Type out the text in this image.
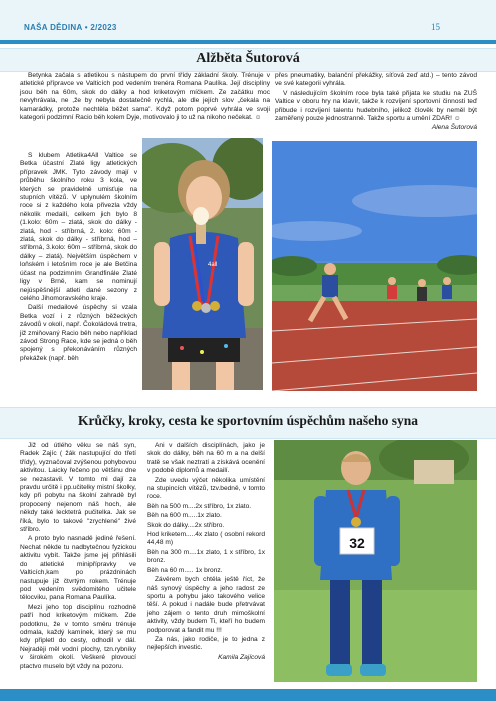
NAŠA DĚDINA • 2/2023	15
Alžběta Šutorová

Betynka začala s atletikou s nástupem do první třídy základní školy. Trénuje v atletické přípravce ve Valticích pod vedením trenéra Romana Paulíka. Její disciplíny jsou běh na 60m, skok do dálky a hod kriketovým míčkem. Ze začátku moc nevyhrávala, ne ,že by nebyla dostatečně rychlá, ale dle jejích slov „čekala na kamarádky, protože nechtěla běžet sama". Když potom poprvé vyhrála ve svoji kategorii podzimní Racio běh kolem Dyje, motivovalo ji to už na nikoho nečekat. ☺

S klubem Atletika4All Valtice se Betka účastní Zlaté ligy atletických přípravek JMK. Tyto závody mají v průběhu školního roku 3 kola, ve kterých se pravidelně umisťuje na stupních vítězů. V uplynulém školním roce si z každého kola přivezla vždy několik medailí, celkem jich bylo 8 (1.kolo: 60m – zlatá, skok do dálky - zlatá, hod - stříbrná, 2. kolo: 60m - zlatá, skok do dálky - stříbrná, hod – stříbrná, 3.kolo: 60m – stříbrná, skok do dálky – zlatá). Největším úspěchem v loňském i letošním roce je ale Betčina účast na podzimním Grandfinále Zlaté ligy v Brně, kam se nominují nejúspěšnější atleti dané sezony z celého Jihomoravského kraje.

Další medailové úspěchy si vzala Betka vozí i z různých běžeckých závodů v okolí, např. Čokoládová tretra, již zmiňovaný Racio běh nebo například závod Strong Race, kde se jedná o běh spojený s překonáváním různých překážek (např. běh

4all

přes pneumatiky, balanční překážky, síťová zeď atd.) – tento závod ve své kategorii vyhrála.

V následujícím školním roce byla také přijata ke studiu na ZUŠ Valtice v oboru hry na klavír, takže k rozvíjení sportovní činnosti teď přibude i rozvíjení talentu hudebního, jelikož člověk by neměl být zaměřený pouze jednostranně. Takže sportu a umění ZDAR! ☺

Alena Šutorová

Krůčky, kroky, cesta ke sportovním úspěchům našeho syna

Již od útlého věku se náš syn, Radek Zajíc ( žák nastupující do třetí třídy), vyznačoval zvýšenou pohybovou aktivitou. Laicky řečeno po většinu dne se nezastavil. V tomto mi dají za pravdu určitě i pp.učitelky mistní školky, kdy při pobytu na školní zahradě byl propocený nejenom náš hoch, ale někdy také lecktetrá pučitelka. Jak se říká, bylo to takové "zrychlené" živé stříbro.

A proto bylo nasnadě jediné řešení. Nechat někde tu nadbytečnou fyzickou aktivitu vybít. Takže jsme jej přihlásili do atletické minipřípravky ve Valticích,kam po prázdninách nastupuje již čtvrtým rokem. Trénuje pod vedením svědomitého učitele tělocviku, pana Romana Paulíka.

Mezi jeho top disciplínu rozhodně patří hod kriketovým míčkem. Zde podotknu, že v tomto směru trénuje odmala, každý kamínek, který se mu kdy připletl do cesty, odhodil v dál. Nejraději měl vodní plochy, tzn.rybníky v širokém okolí. Veškeré plovoucí ptactvo muselo být vždy na pozoru.

Ani v dalších disciplínách, jako je skok do dálky, běh na 60 m a na delší tratě se však neztratí a získává ocenění v podobě diplomů a medailí.

Zde uvedu výčet několika umístění na stupincích vítězů, tzv.bedně, v tomto roce.

Běh na 500 m....2x stříbro, 1x zlato.

Běh na 600 m.....1x zlato.

Skok do dálky....2x stříbro.

Hod kriketem.....4x zlato ( osobní rekord 44,48 m)

Běh na 300 m....1x zlato, 1 x stříbro, 1x bronz.

Běh na 60 m..... 1x bronz.

Závěrem bych chtěla ještě říct, že náš synový úspěchy a jeho radost ze sportu a pohybu jako takového velice těší. A pokud i nadále bude přetrvávat jeho zájem o tento druh mimoškolní aktivity, vždy budem Ti, kteří ho budem podporovat a fandit mu !!!

Za nás, jako rodiče, je to jedna z nejlepších investic.

Kamila Zajícová

32
